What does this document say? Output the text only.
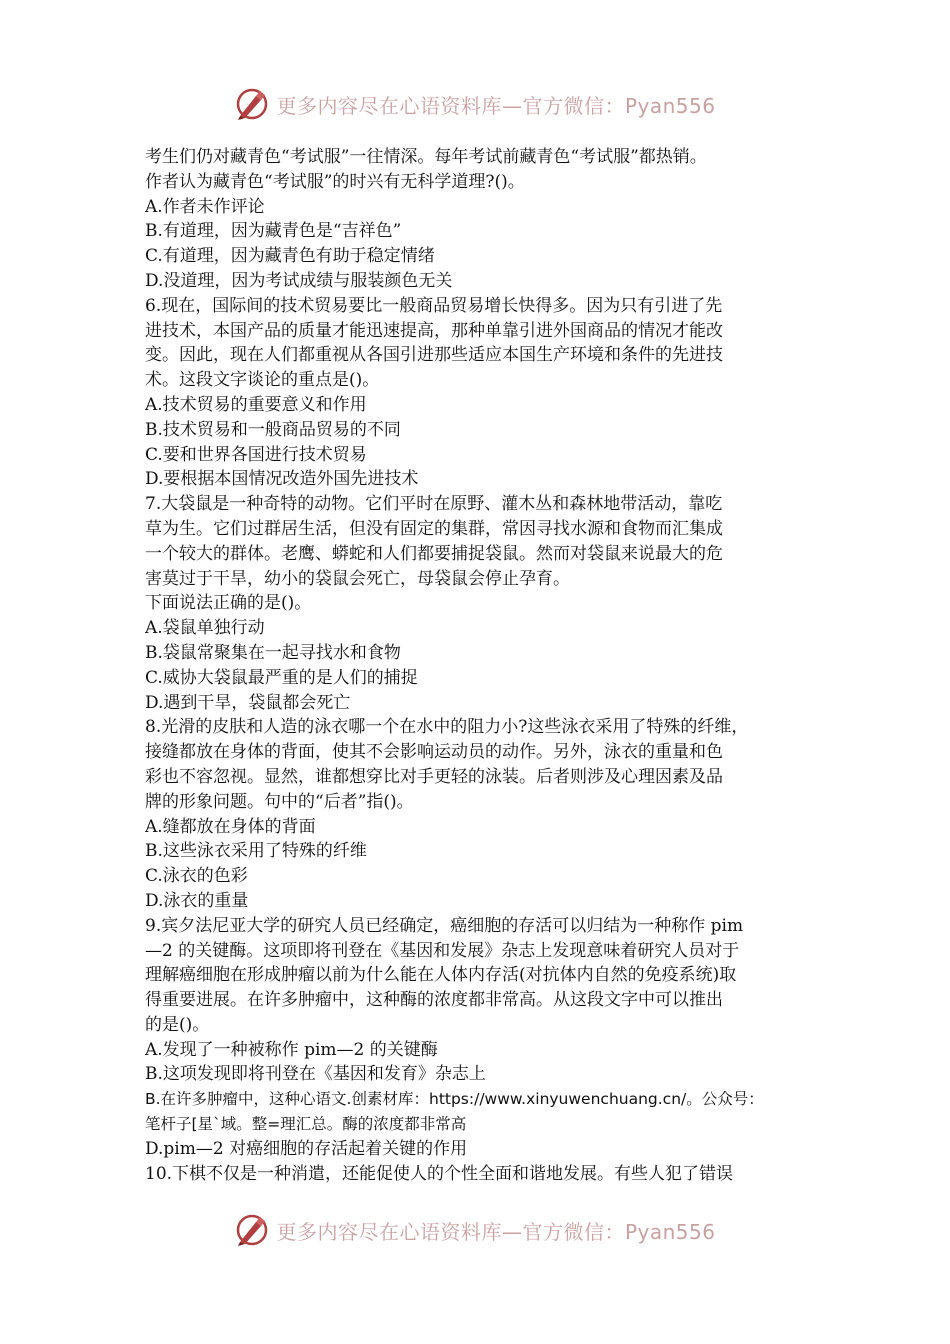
更多内容尽在心语资料库—官方微信：Pyan556
考生们仍对藏青色“考试服”一往情深。每年考试前藏青色“考试服”都热销。
作者认为藏青色“考试服”的时兴有无科学道理?()。
A.作者未作评论
B.有道理，因为藏青色是“吉祥色”
C.有道理，因为藏青色有助于稳定情绪
D.没道理，因为考试成绩与服装颜色无关
6.现在，国际间的技术贸易要比一般商品贸易增长快得多。因为只有引进了先
进技术，本国产品的质量才能迅速提高，那种单靠引进外国商品的情况才能改
变。因此，现在人们都重视从各国引进那些适应本国生产环境和条件的先进技
术。这段文字谈论的重点是()。
A.技术贸易的重要意义和作用
B.技术贸易和一般商品贸易的不同
C.要和世界各国进行技术贸易
D.要根据本国情况改造外国先进技术
7.大袋鼠是一种奇特的动物。它们平时在原野、灌木丛和森林地带活动，靠吃
草为生。它们过群居生活，但没有固定的集群，常因寻找水源和食物而汇集成
一个较大的群体。老鹰、蟒蛇和人们都要捕捉袋鼠。然而对袋鼠来说最大的危
害莫过于干旱，幼小的袋鼠会死亡，母袋鼠会停止孕育。
下面说法正确的是()。
A.袋鼠单独行动
B.袋鼠常聚集在一起寻找水和食物
C.威协大袋鼠最严重的是人们的捕捉
D.遇到干旱，袋鼠都会死亡
8.光滑的皮肤和人造的泳衣哪一个在水中的阻力小?这些泳衣采用了特殊的纤维，
接缝都放在身体的背面，使其不会影响运动员的动作。另外，泳衣的重量和色
彩也不容忽视。显然，谁都想穿比对手更轻的泳装。后者则涉及心理因素及品
牌的形象问题。句中的“后者”指()。
A.缝都放在身体的背面
B.这些泳衣采用了特殊的纤维
C.泳衣的色彩
D.泳衣的重量
9.宾夕法尼亚大学的研究人员已经确定，癌细胞的存活可以归结为一种称作 pim
—2 的关键酶。这项即将刊登在《基因和发展》杂志上发现意味着研究人员对于
理解癌细胞在形成肿瘤以前为什么能在人体内存活(对抗体内自然的免疫系统)取
得重要进展。在许多肿瘤中，这种酶的浓度都非常高。从这段文字中可以推出
的是()。
A.发现了一种被称作 pim—2 的关键酶
B.这项发现即将刊登在《基因和发育》杂志上
B.在许多肿瘤中，这种心语文.创素材库：https://www.xinyuwenchuang.cn/。公众号：
笔杆子[星`域。整=理汇总。酶的浓度都非常高
D.pim—2 对癌细胞的存活起着关键的作用
10.下棋不仅是一种消遣，还能促使人的个性全面和谐地发展。有些人犯了错误
更多内容尽在心语资料库—官方微信：Pyan556
